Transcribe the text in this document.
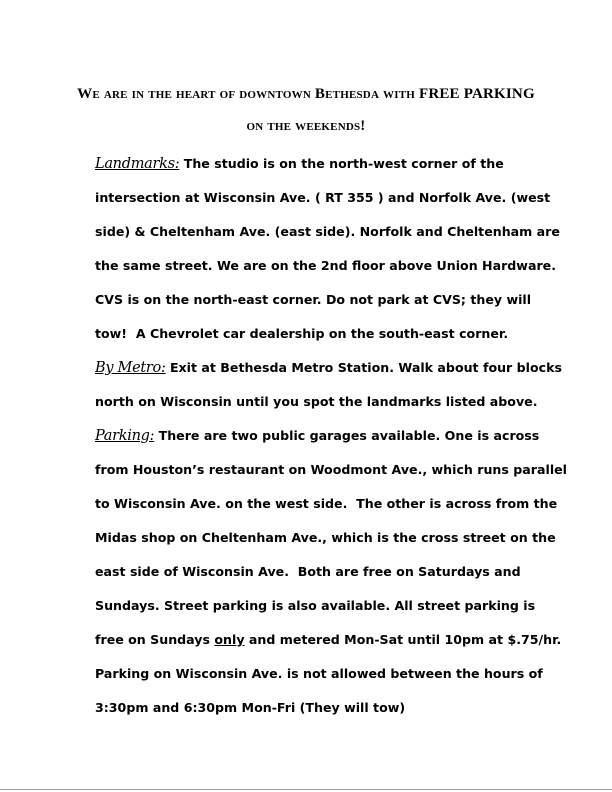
We are in the heart of downtown Bethesda with FREE PARKING
on the weekends!
Landmarks: The studio is on the north-west corner of the
intersection at Wisconsin Ave. ( RT 355 ) and Norfolk Ave. (west
side) & Cheltenham Ave. (east side). Norfolk and Cheltenham are
the same street. We are on the 2nd floor above Union Hardware.
CVS is on the north-east corner. Do not park at CVS; they will
tow!  A Chevrolet car dealership on the south-east corner.
By Metro: Exit at Bethesda Metro Station. Walk about four blocks
north on Wisconsin until you spot the landmarks listed above.
Parking: There are two public garages available. One is across
from Houston’s restaurant on Woodmont Ave., which runs parallel
to Wisconsin Ave. on the west side.  The other is across from the
Midas shop on Cheltenham Ave., which is the cross street on the
east side of Wisconsin Ave.  Both are free on Saturdays and
Sundays. Street parking is also available. All street parking is
free on Sundays only and metered Mon-Sat until 10pm at $.75/hr.
Parking on Wisconsin Ave. is not allowed between the hours of
3:30pm and 6:30pm Mon-Fri (They will tow)
